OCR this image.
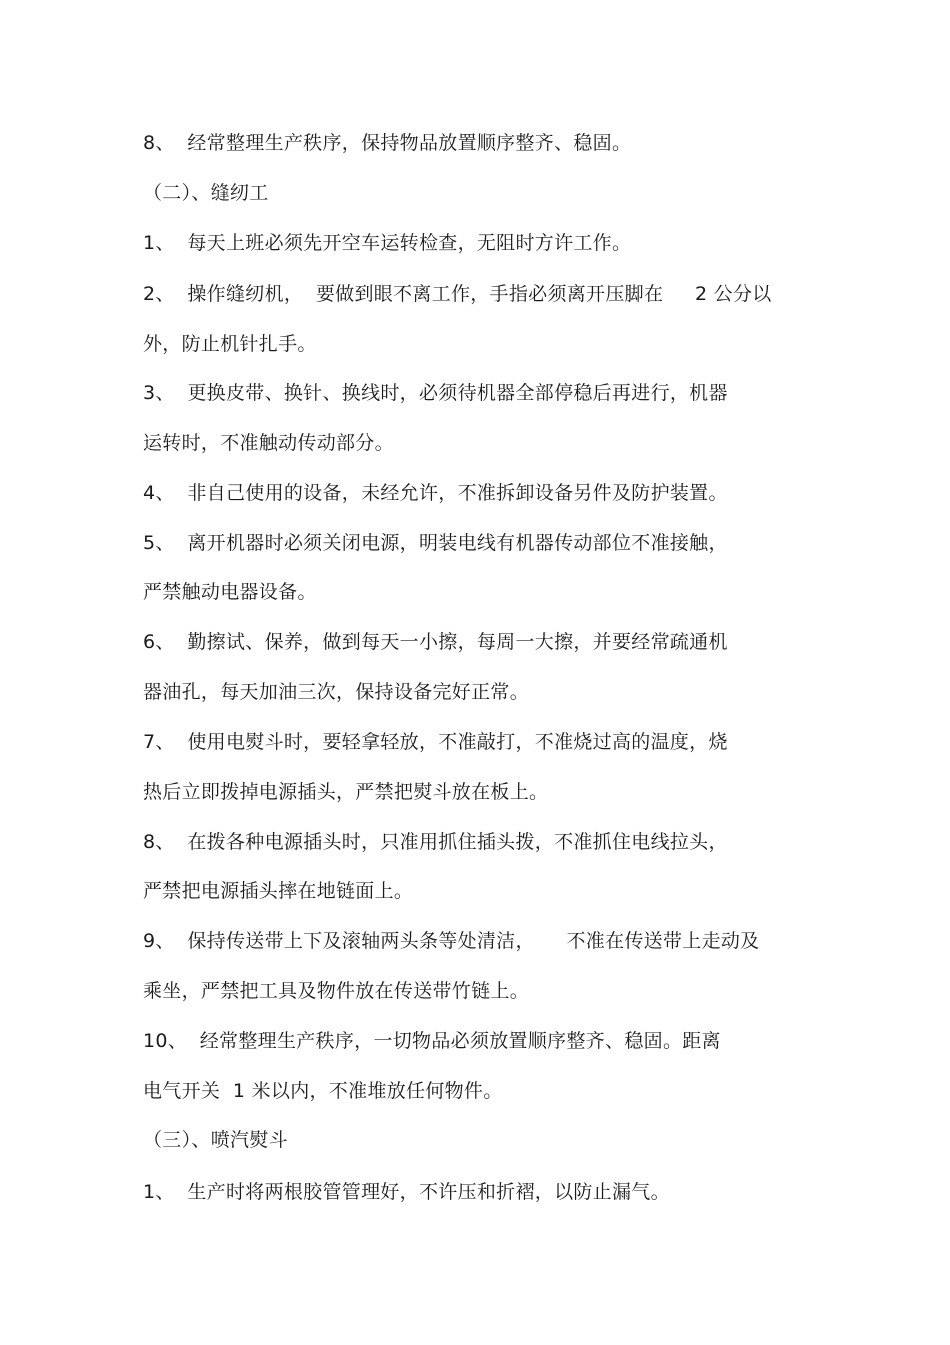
8、  经常整理生产秩序，保持物品放置顺序整齐、稳固。
（二）、缝纫工
1、  每天上班必须先开空车运转检查，无阻时方许工作。
2、  操作缝纫机，  要做到眼不离工作，手指必须离开压脚在     2 公分以
外，防止机针扎手。
3、  更换皮带、换针、换线时，必须待机器全部停稳后再进行，机器
运转时，不准触动传动部分。
4、  非自己使用的设备，未经允许，不准拆卸设备另件及防护装置。
5、  离开机器时必须关闭电源，明装电线有机器传动部位不准接触，
严禁触动电器设备。
6、  勤擦试、保养，做到每天一小擦，每周一大擦，并要经常疏通机
器油孔，每天加油三次，保持设备完好正常。
7、  使用电熨斗时，要轻拿轻放，不准敲打，不准烧过高的温度，烧
热后立即拨掉电源插头，严禁把熨斗放在板上。
8、  在拨各种电源插头时，只准用抓住插头拨，不准抓住电线拉头，
严禁把电源插头摔在地链面上。
9、  保持传送带上下及滚轴两头条等处清洁，     不准在传送带上走动及
乘坐，严禁把工具及物件放在传送带竹链上。
10、  经常整理生产秩序，一切物品必须放置顺序整齐、稳固。距离
电气开关  1 米以内，不准堆放任何物件。
（三）、喷汽熨斗
1、  生产时将两根胶管管理好，不许压和折褶，以防止漏气。
